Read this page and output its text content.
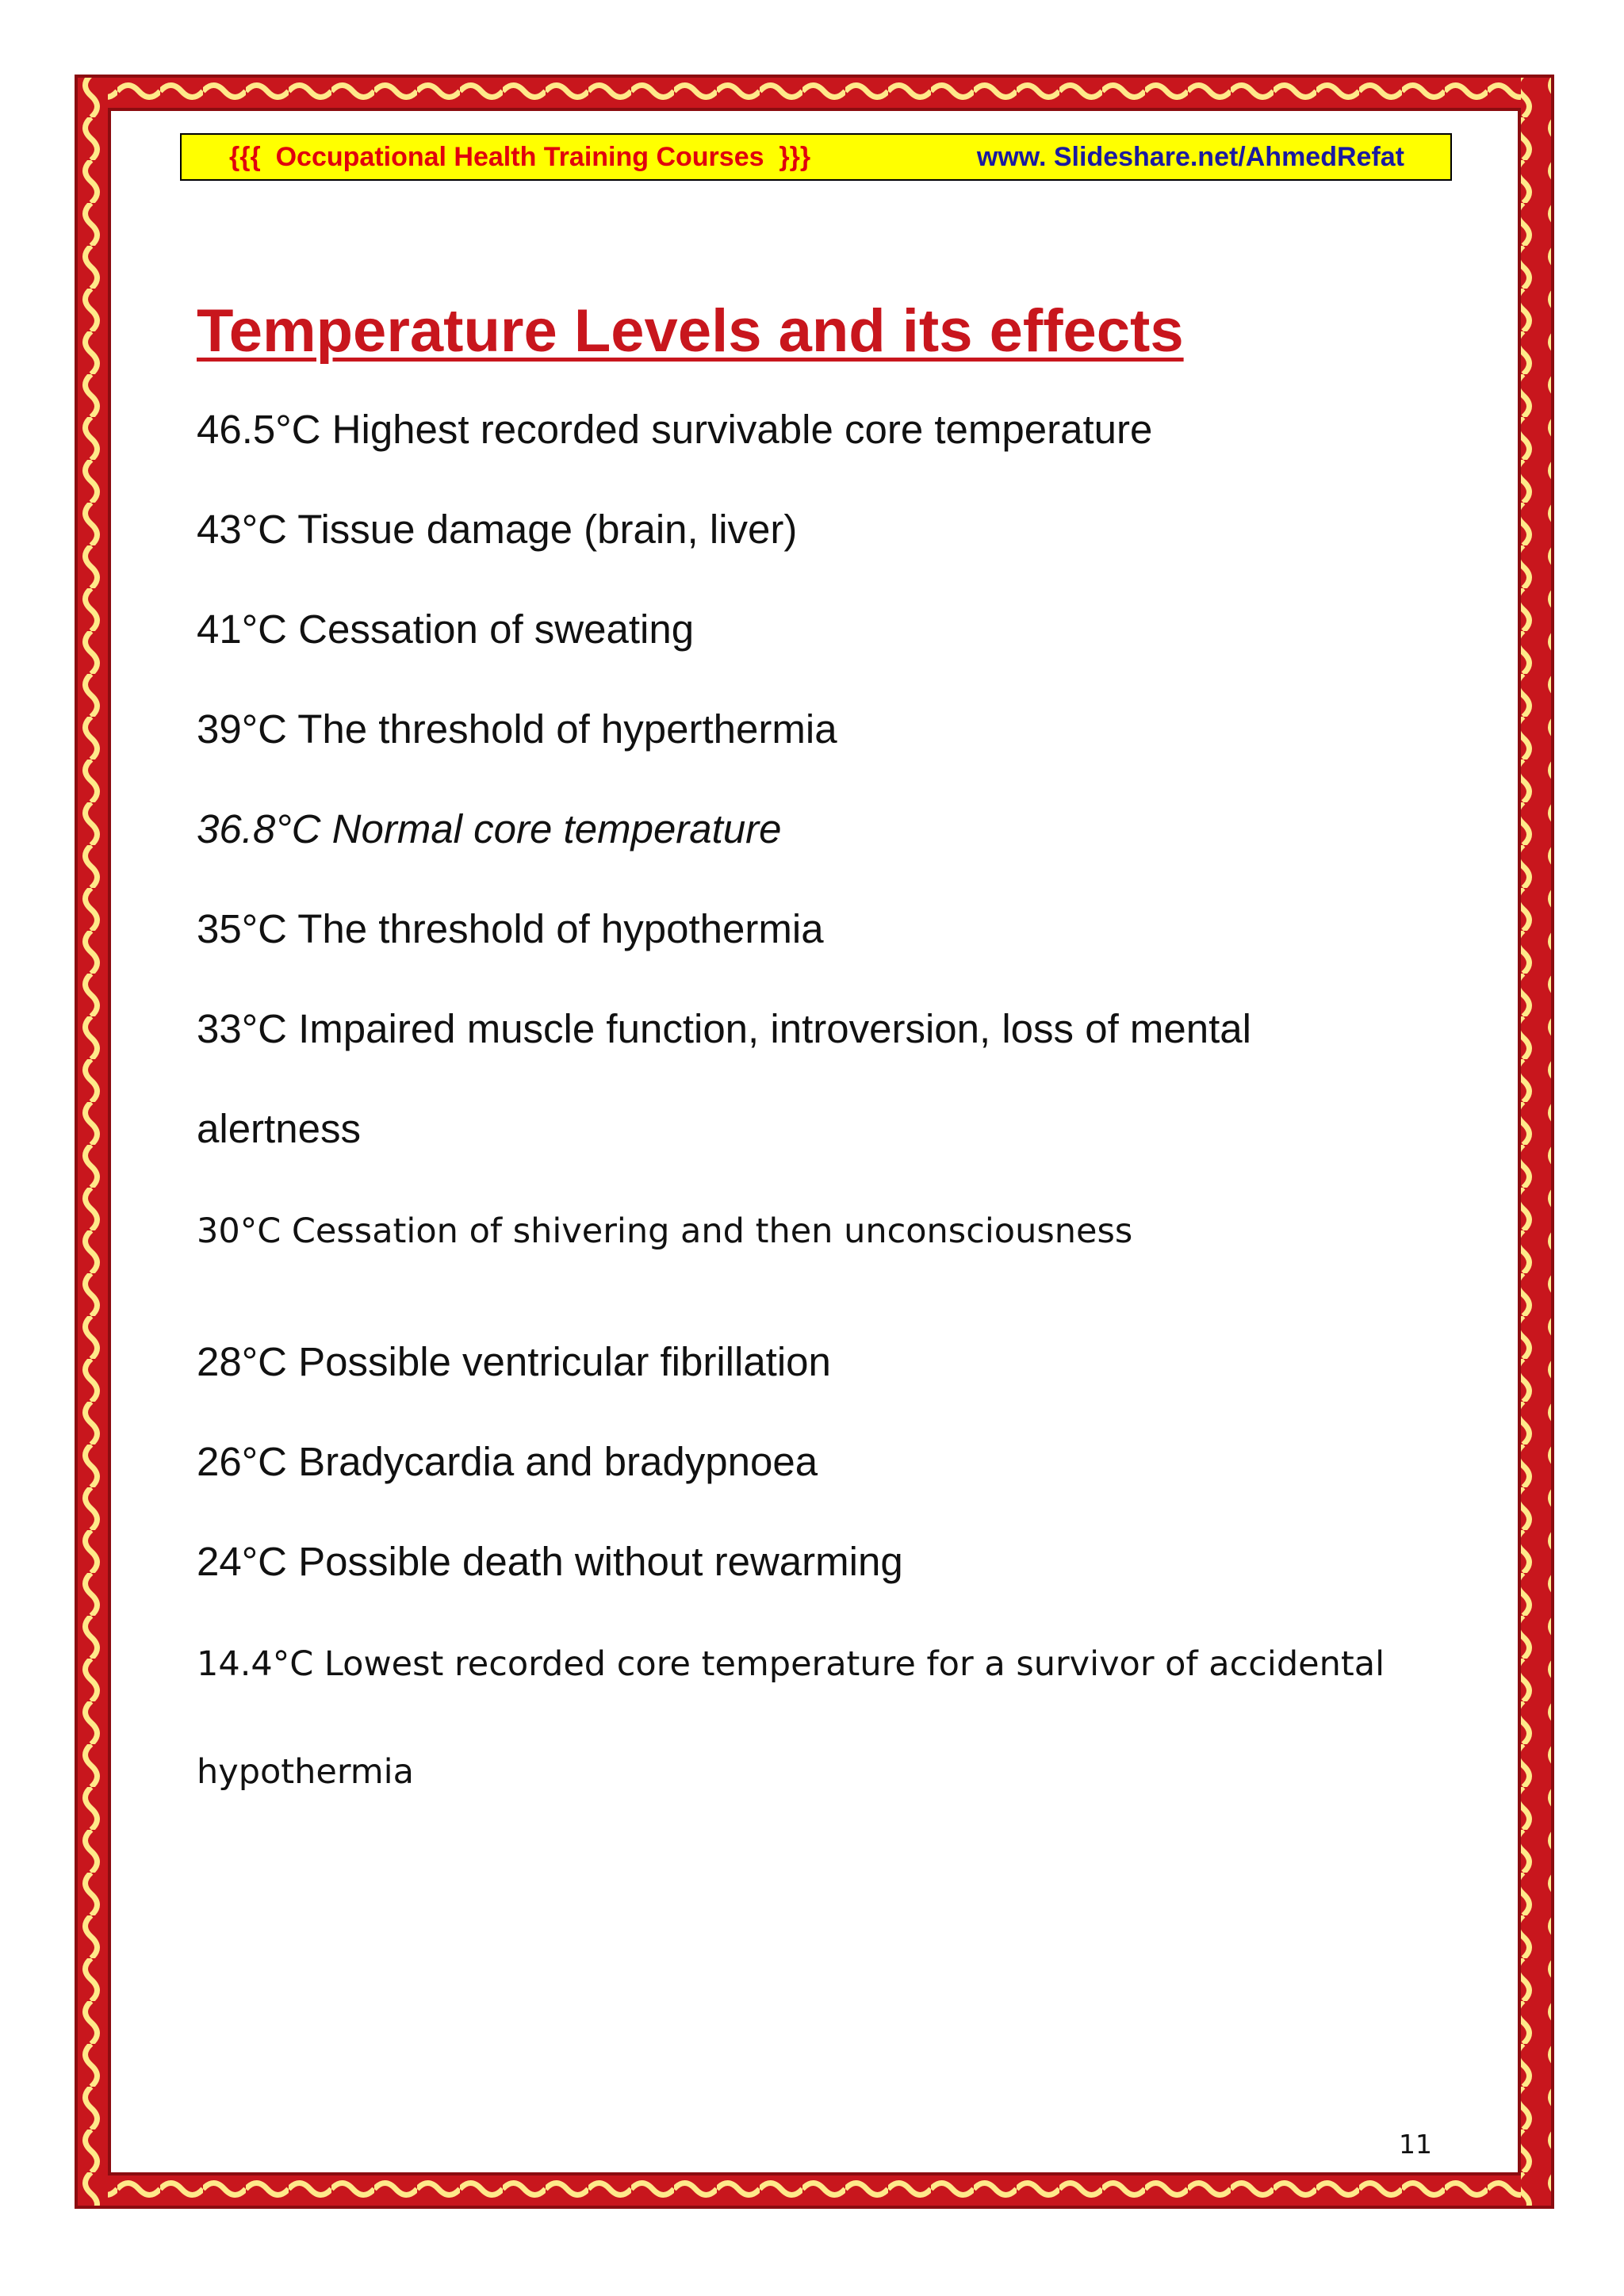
{{{ Occupational Health Training Courses }}}	www. Slideshare.net/AhmedRefat
Temperature Levels and its effects

46.5°C Highest recorded survivable core temperature

43°C Tissue damage (brain, liver)

41°C Cessation of sweating

39°C The threshold of hyperthermia

36.8°C Normal core temperature

35°C The threshold of hypothermia

33°C Impaired muscle function, introversion, loss of mental

alertness

30°C Cessation of shivering and then unconsciousness

28°C Possible ventricular fibrillation

26°C Bradycardia and bradypnoea

24°C Possible death without rewarming

14.4°C Lowest recorded core temperature for a survivor of accidental

hypothermia

11
